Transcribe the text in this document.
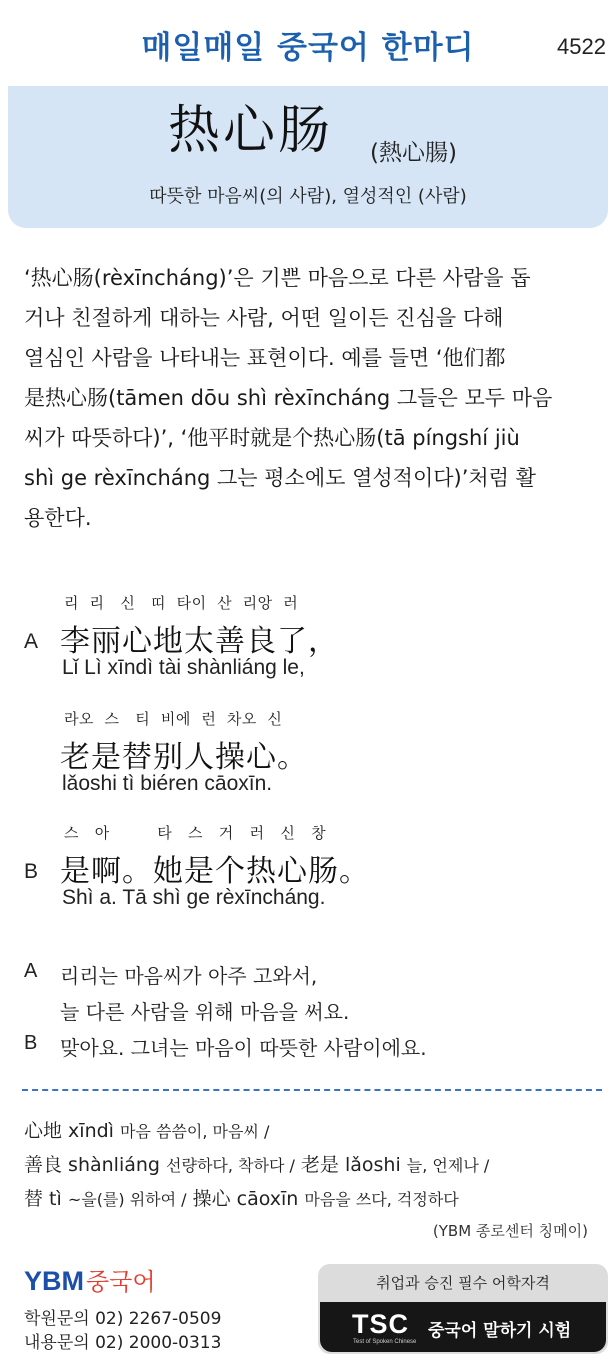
매일매일 중국어 한마디	4522
热心肠 (熱心腸)
따뜻한 마음씨(의 사람), 열성적인 (사람)
‘热心肠(rèxīncháng)’은 기쁜 마음으로 다른 사람을 돕
거나 친절하게 대하는 사람, 어떤 일이든 진심을 다해
열심인 사람을 나타내는 표현이다. 예를 들면 ‘他们都
是热心肠(tāmen dōu shì rèxīncháng 그들은 모두 마음
씨가 따뜻하다)’, ‘他平时就是个热心肠(tā píngshí jiù
shì ge rèxīncháng 그는 평소에도 열성적이다)’처럼 활
용한다.
리  리   신   띠  타이  산  리앙  러
A 李丽心地太善良了，
Lǐ Lì xīndì tài shànliáng le,
라오  스   티  비에  런  차오  신
老是替别人操心。
lǎoshi tì biéren cāoxīn.
스   아         타   스   거   러   신   창
B 是啊。她是个热心肠。
Shì a. Tā shì ge rèxīncháng.
A 리리는 마음씨가 아주 고와서,
늘 다른 사람을 위해 마음을 써요.
B 맞아요. 그녀는 마음이 따뜻한 사람이에요.
心地 xīndì 마음 씀씀이, 마음씨 /
善良 shànliáng 선량하다, 착하다 / 老是 lǎoshi 늘, 언제나 /
替 tì ~을(를) 위하여 / 操心 cāoxīn 마음을 쓰다, 걱정하다
(YBM 종로센터 칭메이)
YBM중국어
학원문의 02) 2267-0509
내용문의 02) 2000-0313
취업과 승진 필수 어학자격
TSC
Test of Spoken Chinese
중국어 말하기 시험
